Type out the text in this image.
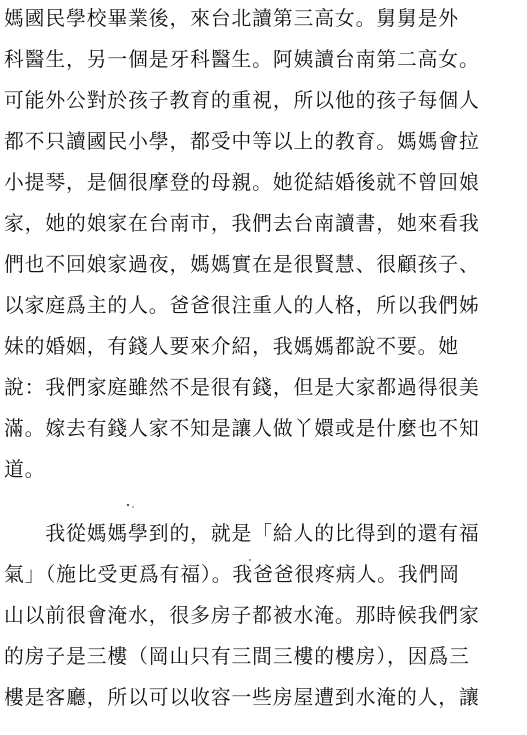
媽國民學校畢業後，來台北讀第三高女。舅舅是外
科醫生，另一個是牙科醫生。阿姨讀台南第二高女。
可能外公對於孩子教育的重視，所以他的孩子每個人
都不只讀國民小學，都受中等以上的教育。媽媽會拉
小提琴，是個很摩登的母親。她從結婚後就不曾回娘
家，她的娘家在台南市，我們去台南讀書，她來看我
們也不回娘家過夜，媽媽實在是很賢慧、很顧孩子、
以家庭爲主的人。爸爸很注重人的人格，所以我們姊
妹的婚姻，有錢人要來介紹，我媽媽都說不要。她
說：我們家庭雖然不是很有錢，但是大家都過得很美
滿。嫁去有錢人家不知是讓人做丫嬛或是什麼也不知
道。
　　我從媽媽學到的，就是「給人的比得到的還有福
氣」（施比受更爲有福）。我爸爸很疼病人。我們岡
山以前很會淹水，很多房子都被水淹。那時候我們家
的房子是三樓（岡山只有三間三樓的樓房），因爲三
樓是客廳，所以可以收容一些房屋遭到水淹的人，讓
